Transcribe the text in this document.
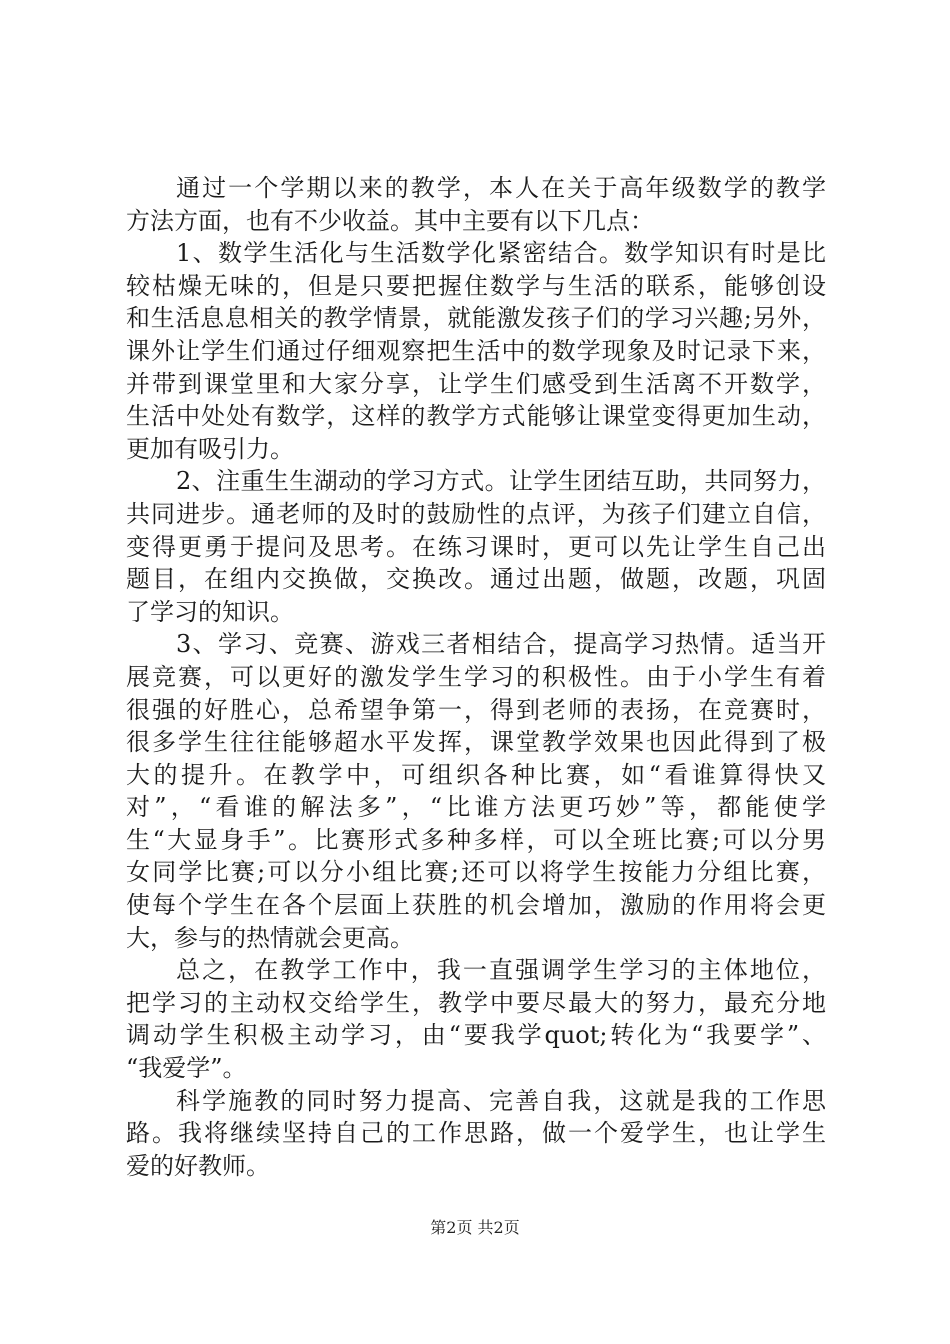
通过一个学期以来的教学，本人在关于高年级数学的教学
方法方面，也有不少收益。其中主要有以下几点：
1、数学生活化与生活数学化紧密结合。数学知识有时是比
较枯燥无味的，但是只要把握住数学与生活的联系，能够创设
和生活息息相关的教学情景，就能激发孩子们的学习兴趣;另外，
课外让学生们通过仔细观察把生活中的数学现象及时记录下来，
并带到课堂里和大家分享，让学生们感受到生活离不开数学，
生活中处处有数学，这样的教学方式能够让课堂变得更加生动，
更加有吸引力。
2、注重生生湖动的学习方式。让学生团结互助，共同努力，
共同进步。通老师的及时的鼓励性的点评，为孩子们建立自信，
变得更勇于提问及思考。在练习课时，更可以先让学生自己出
题目，在组内交换做，交换改。通过出题，做题，改题，巩固
了学习的知识。
3、学习、竞赛、游戏三者相结合，提高学习热情。适当开
展竞赛，可以更好的激发学生学习的积极性。由于小学生有着
很强的好胜心，总希望争第一，得到老师的表扬，在竞赛时，
很多学生往往能够超水平发挥，课堂教学效果也因此得到了极
大的提升。在教学中，可组织各种比赛，如“看谁算得快又
对”，“看谁的解法多”，“比谁方法更巧妙”等，都能使学
生“大显身手”。比赛形式多种多样，可以全班比赛;可以分男
女同学比赛;可以分小组比赛;还可以将学生按能力分组比赛，
使每个学生在各个层面上获胜的机会增加，激励的作用将会更
大，参与的热情就会更高。
总之，在教学工作中，我一直强调学生学习的主体地位，
把学习的主动权交给学生，教学中要尽最大的努力，最充分地
调动学生积极主动学习，由“要我学quot;转化为“我要学”、
“我爱学”。
科学施教的同时努力提高、完善自我，这就是我的工作思
路。我将继续坚持自己的工作思路，做一个爱学生，也让学生
爱的好教师。
第2页 共2页
